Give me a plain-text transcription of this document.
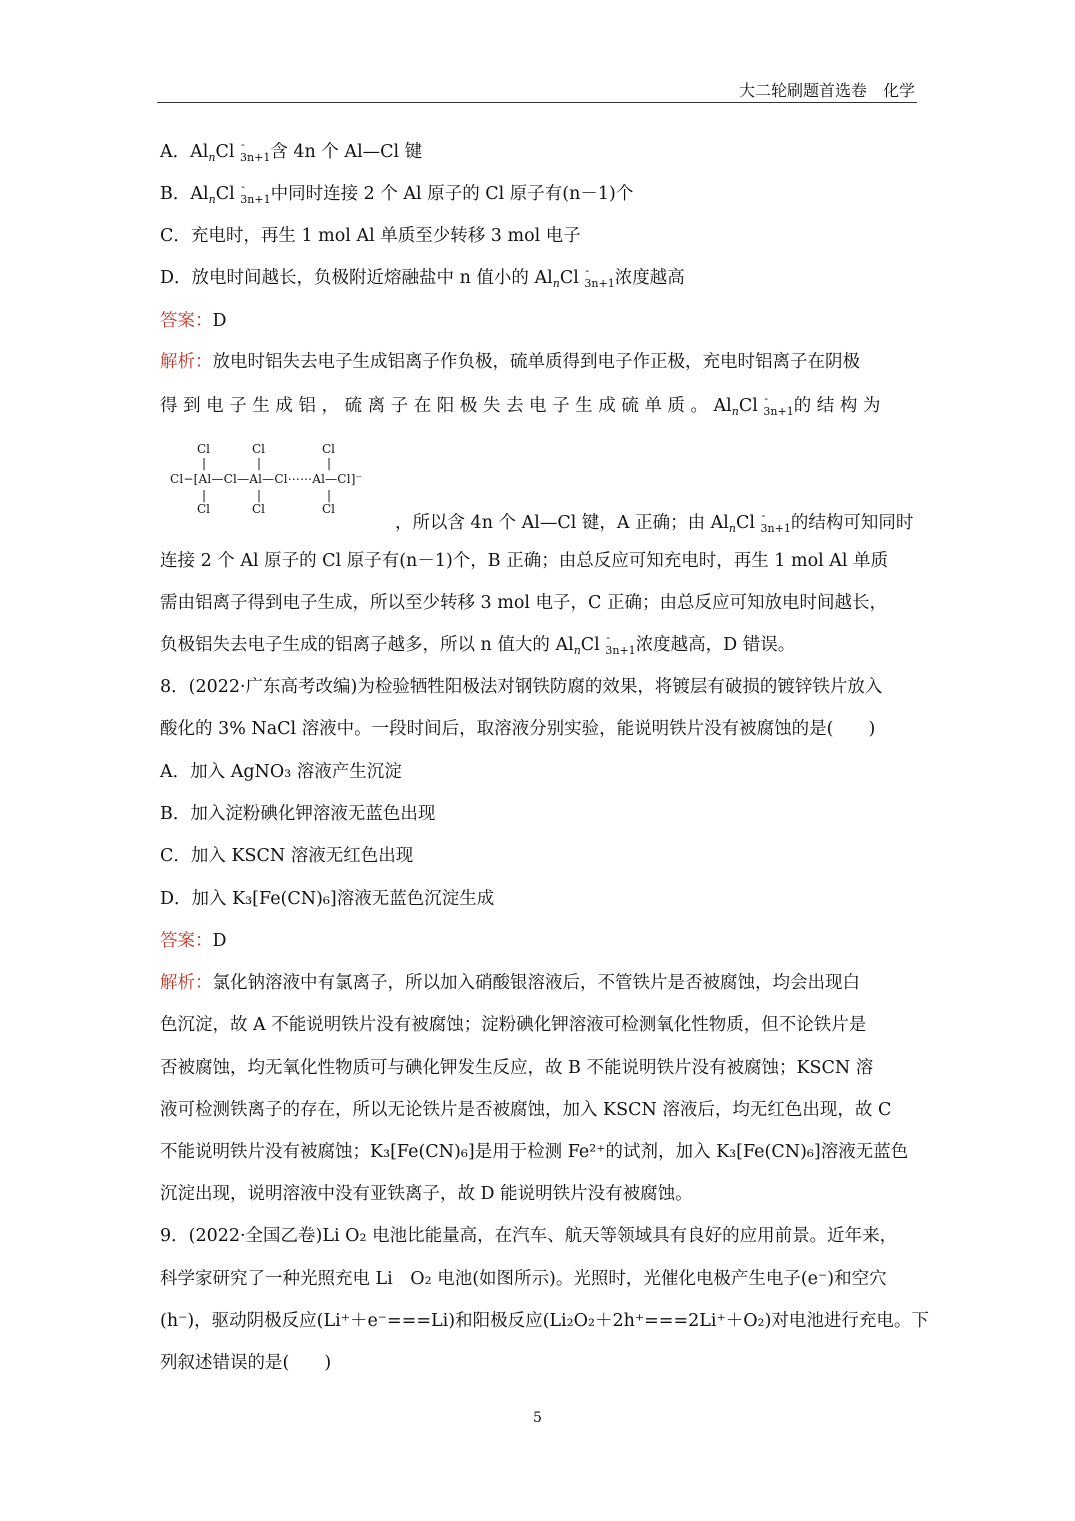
大二轮刷题首选卷　化学
A．$Al_nCl$ -
3n+1含 4n 个 Al—Cl 键
B．$Al_nCl$ -
3n+1中同时连接 2 个 Al 原子的 Cl 原子有(n－1)个
C．充电时，再生 1 mol Al 单质至少转移 3 mol 电子
D．放电时间越长，负极附近熔融盐中 n 值小的 $Al_nCl$ -
3n+1浓度越高
答案：D
解析：放电时铝失去电子生成铝离子作负极，硫单质得到电子作正极，充电时铝离子在阴极
得 到 电 子 生 成 铝 ， 硫 离 子 在 阳 极 失 去 电 子 生 成 硫 单 质 。 $Al_nCl$ -
3n+1的 结 构 为
Cl	Cl	Cl
|	|	|
Cl−[Al—Cl—Al—Cl⋯⋯Al—Cl]⁻
|	|	|
Cl	Cl	Cl
，所以含 4n 个 Al—Cl 键，A 正确；由 $Al_nCl$ -
3n+1的结构可知同时
连接 2 个 Al 原子的 Cl 原子有(n－1)个，B 正确；由总反应可知充电时，再生 1 mol Al 单质
需由铝离子得到电子生成，所以至少转移 3 mol 电子，C 正确；由总反应可知放电时间越长，
负极铝失去电子生成的铝离子越多，所以 n 值大的 $Al_nCl$ -
3n+1浓度越高，D 错误。
8．(2022·广东高考改编)为检验牺牲阳极法对钢铁防腐的效果，将镀层有破损的镀锌铁片放入
酸化的 3% NaCl 溶液中。一段时间后，取溶液分别实验，能说明铁片没有被腐蚀的是(　　)
A．加入 AgNO₃ 溶液产生沉淀
B．加入淀粉碘化钾溶液无蓝色出现
C．加入 KSCN 溶液无红色出现
D．加入 K₃[Fe(CN)₆]溶液无蓝色沉淀生成
答案：D
解析：氯化钠溶液中有氯离子，所以加入硝酸银溶液后，不管铁片是否被腐蚀，均会出现白
色沉淀，故 A 不能说明铁片没有被腐蚀；淀粉碘化钾溶液可检测氧化性物质，但不论铁片是
否被腐蚀，均无氧化性物质可与碘化钾发生反应，故 B 不能说明铁片没有被腐蚀；KSCN 溶
液可检测铁离子的存在，所以无论铁片是否被腐蚀，加入 KSCN 溶液后，均无红色出现，故 C
不能说明铁片没有被腐蚀；K₃[Fe(CN)₆]是用于检测 Fe²⁺的试剂，加入 K₃[Fe(CN)₆]溶液无蓝色
沉淀出现，说明溶液中没有亚铁离子，故 D 能说明铁片没有被腐蚀。
9．(2022·全国乙卷)Li O₂ 电池比能量高，在汽车、航天等领域具有良好的应用前景。近年来，
科学家研究了一种光照充电 Li　O₂ 电池(如图所示)。光照时，光催化电极产生电子(e⁻)和空穴
(h⁻)，驱动阴极反应(Li⁺＋e⁻===Li)和阳极反应(Li₂O₂＋2h⁺===2Li⁺＋O₂)对电池进行充电。下
列叙述错误的是(　　)
5
